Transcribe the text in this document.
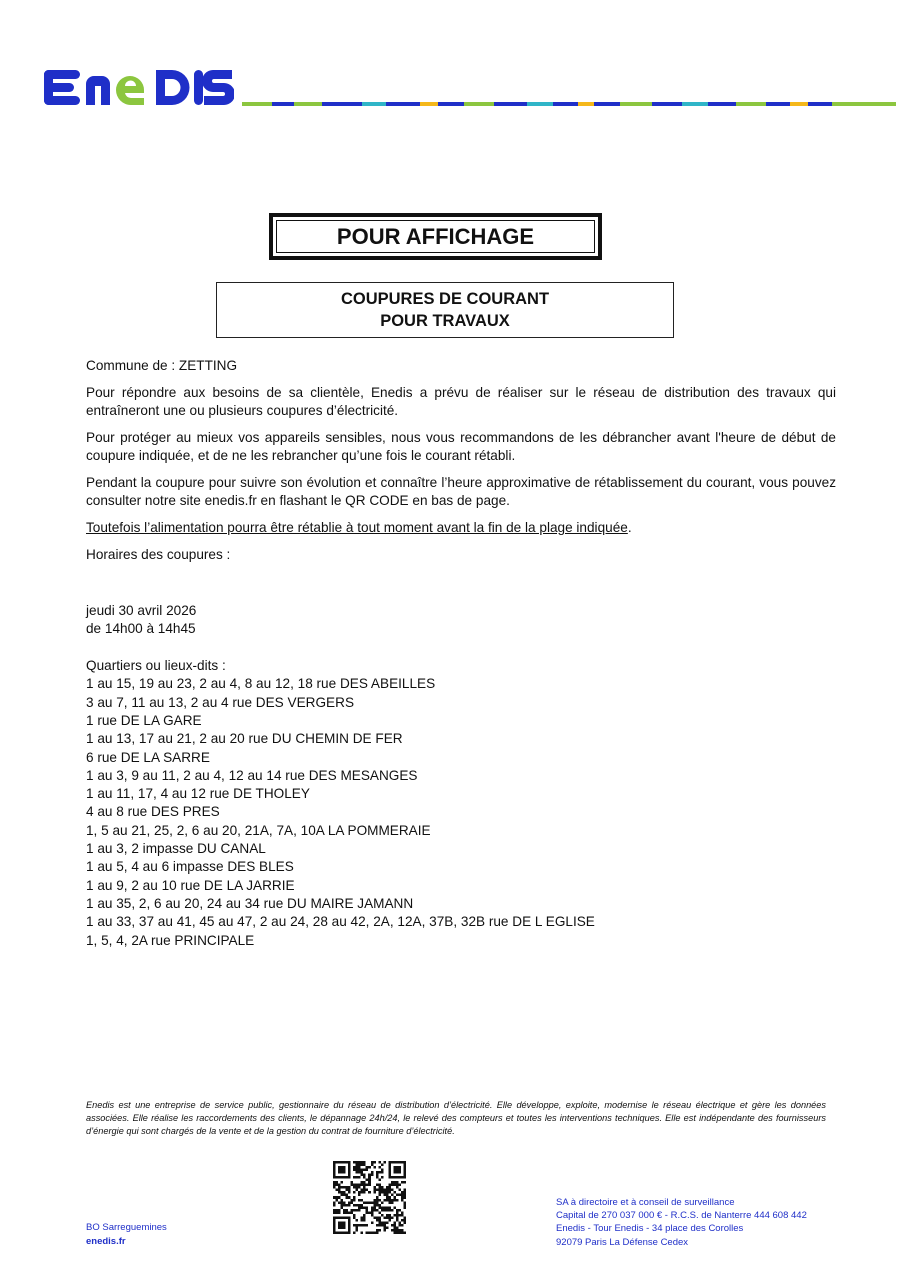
POUR AFFICHAGE
COUPURES DE COURANT
POUR TRAVAUX

Commune de : ZETTING

Pour répondre aux besoins de sa clientèle, Enedis a prévu de réaliser sur le réseau de distribution des travaux qui entraîneront une ou plusieurs coupures d’électricité.

Pour protéger au mieux vos appareils sensibles, nous vous recommandons de les débrancher avant l'heure de début de coupure indiquée, et de ne les rebrancher qu’une fois le courant rétabli.

Pendant la coupure pour suivre son évolution et connaître l’heure approximative de rétablissement du courant, vous pouvez consulter notre site enedis.fr en flashant le QR CODE en bas de page.

Toutefois l’alimentation pourra être rétablie à tout moment avant la fin de la plage indiquée.

Horaires des coupures :

jeudi 30 avril 2026
de 14h00 à 14h45
Quartiers ou lieux-dits :
1 au 15, 19 au 23, 2 au 4, 8 au 12, 18 rue DES ABEILLES
3 au 7, 11 au 13, 2 au 4 rue DES VERGERS
1 rue DE LA GARE
1 au 13, 17 au 21, 2 au 20 rue DU CHEMIN DE FER
6 rue DE LA SARRE
1 au 3, 9 au 11, 2 au 4, 12 au 14 rue DES MESANGES
1 au 11, 17, 4 au 12 rue DE THOLEY
4 au 8 rue DES PRES
1, 5 au 21, 25, 2, 6 au 20, 21A, 7A, 10A LA POMMERAIE
1 au 3, 2 impasse DU CANAL
1 au 5, 4 au 6 impasse DES BLES
1 au 9, 2 au 10 rue DE LA JARRIE
1 au 35, 2, 6 au 20, 24 au 34 rue DU MAIRE JAMANN
1 au 33, 37 au 41, 45 au 47, 2 au 24, 28 au 42, 2A, 12A, 37B, 32B rue DE L EGLISE
1, 5, 4, 2A rue PRINCIPALE
Enedis est une entreprise de service public, gestionnaire du réseau de distribution d’électricité. Elle développe, exploite, modernise le réseau électrique et gère les données associées. Elle réalise les raccordements des clients, le dépannage 24h/24, le relevé des compteurs et toutes les interventions techniques. Elle est indépendante des fournisseurs d’énergie qui sont chargés de la vente et de la gestion du contrat de fourniture d’électricité.
BO Sarreguemines
enedis.fr
SA à directoire et à conseil de surveillance
Capital de 270 037 000 € - R.C.S. de Nanterre 444 608 442
Enedis - Tour Enedis - 34 place des Corolles
92079 Paris La Défense Cedex
